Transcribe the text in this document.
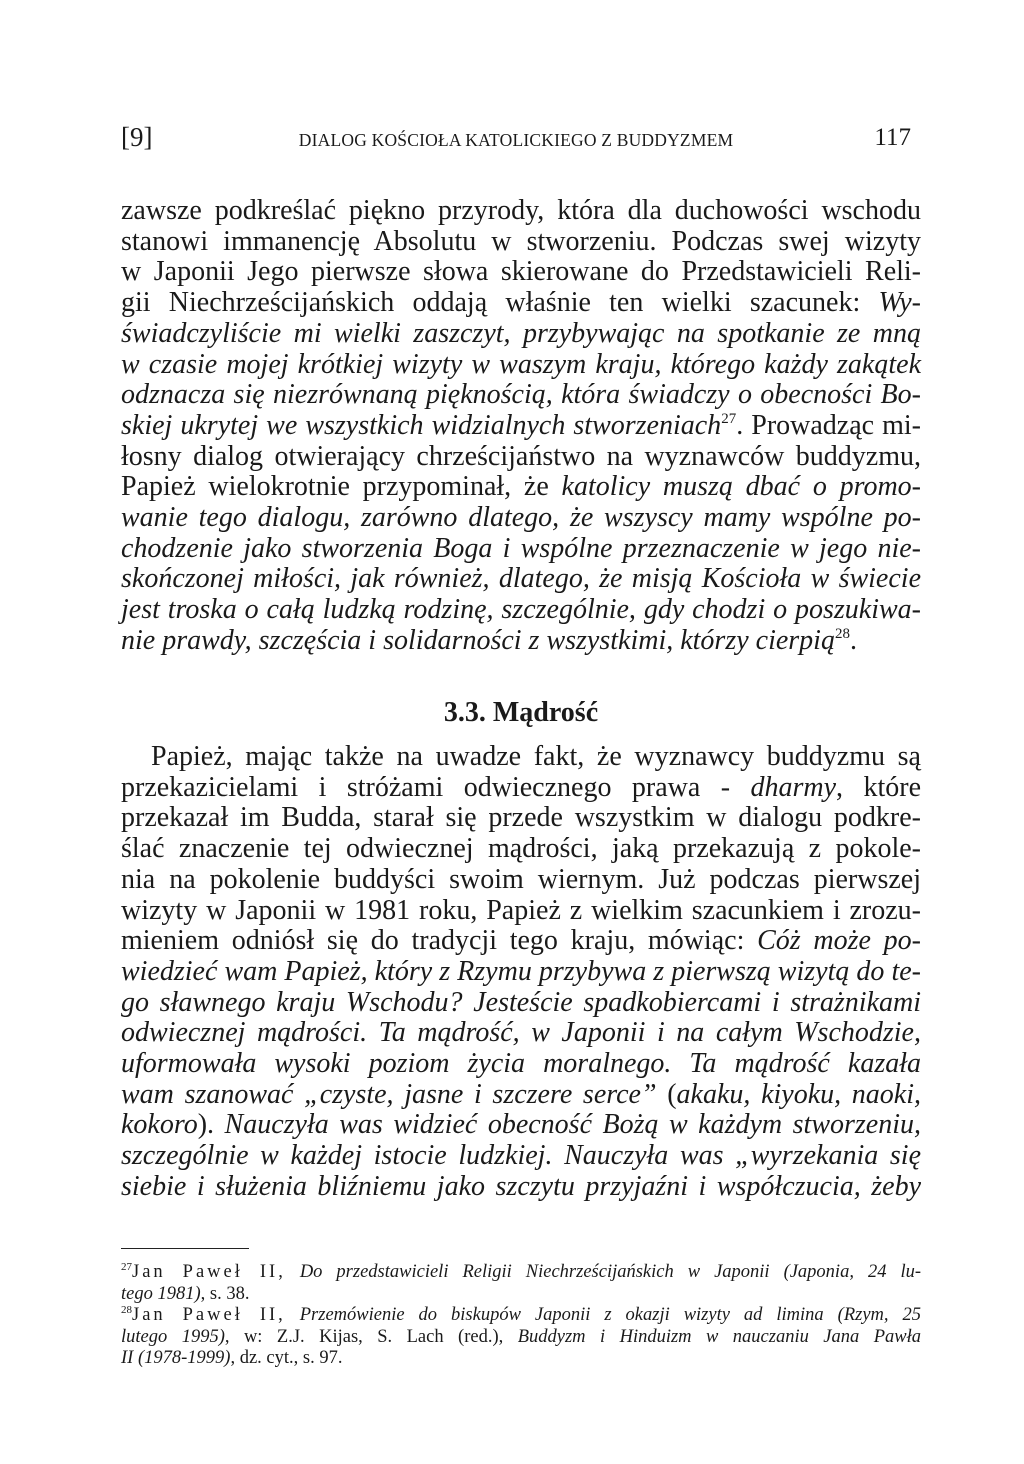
[9]	DIALOG KOŚCIOŁA KATOLICKIEGO Z BUDDYZMEM	117
zawsze podkreślać piękno przyrody, która dla duchowości wschodu
stanowi immanencję Absolutu w stworzeniu. Podczas swej wizyty
w Japonii Jego pierwsze słowa skierowane do Przedstawicieli Reli-
gii Niechrześcijańskich oddają właśnie ten wielki szacunek: Wy-
świadczyliście mi wielki zaszczyt, przybywając na spotkanie ze mną
w czasie mojej krótkiej wizyty w waszym kraju, którego każdy zakątek
odznacza się niezrównaną pięknością, która świadczy o obecności Bo-
skiej ukrytej we wszystkich widzialnych stworzeniach$^{27}$. Prowadząc mi-
łosny dialog otwierający chrześcijaństwo na wyznawców buddyzmu,
Papież wielokrotnie przypominał, że katolicy muszą dbać o promo-
wanie tego dialogu, zarówno dlatego, że wszyscy mamy wspólne po-
chodzenie jako stworzenia Boga i wspólne przeznaczenie w jego nie-
skończonej miłości, jak również, dlatego, że misją Kościoła w świecie
jest troska o całą ludzką rodzinę, szczególnie, gdy chodzi o poszukiwa-
nie prawdy, szczęścia i solidarności z wszystkimi, którzy cierpią$^{28}$.
3.3. Mądrość
Papież, mając także na uwadze fakt, że wyznawcy buddyzmu są
przekazicielami i stróżami odwiecznego prawa - dharmy, które
przekazał im Budda, starał się przede wszystkim w dialogu podkre-
ślać znaczenie tej odwiecznej mądrości, jaką przekazują z pokole-
nia na pokolenie buddyści swoim wiernym. Już podczas pierwszej
wizyty w Japonii w 1981 roku, Papież z wielkim szacunkiem i zrozu-
mieniem odniósł się do tradycji tego kraju, mówiąc: Cóż może po-
wiedzieć wam Papież, który z Rzymu przybywa z pierwszą wizytą do te-
go sławnego kraju Wschodu? Jesteście spadkobiercami i strażnikami
odwiecznej mądrości. Ta mądrość, w Japonii i na całym Wschodzie,
uformowała wysoki poziom życia moralnego. Ta mądrość kazała
wam szanować „czyste, jasne i szczere serce” (akaku, kiyoku, naoki,
kokoro). Nauczyła was widzieć obecność Bożą w każdym stworzeniu,
szczególnie w każdej istocie ludzkiej. Nauczyła was „wyrzekania się
siebie i służenia bliźniemu jako szczytu przyjaźni i współczucia, żeby
$^{27}$Jan Paweł II, Do przedstawicieli Religii Niechrześcijańskich w Japonii (Japonia, 24 lu-
tego 1981), s. 38.
$^{28}$Jan Paweł II, Przemówienie do biskupów Japonii z okazji wizyty ad limina (Rzym, 25
lutego 1995), w: Z.J. Kijas, S. Lach (red.), Buddyzm i Hinduizm w nauczaniu Jana Pawła
II (1978-1999), dz. cyt., s. 97.
